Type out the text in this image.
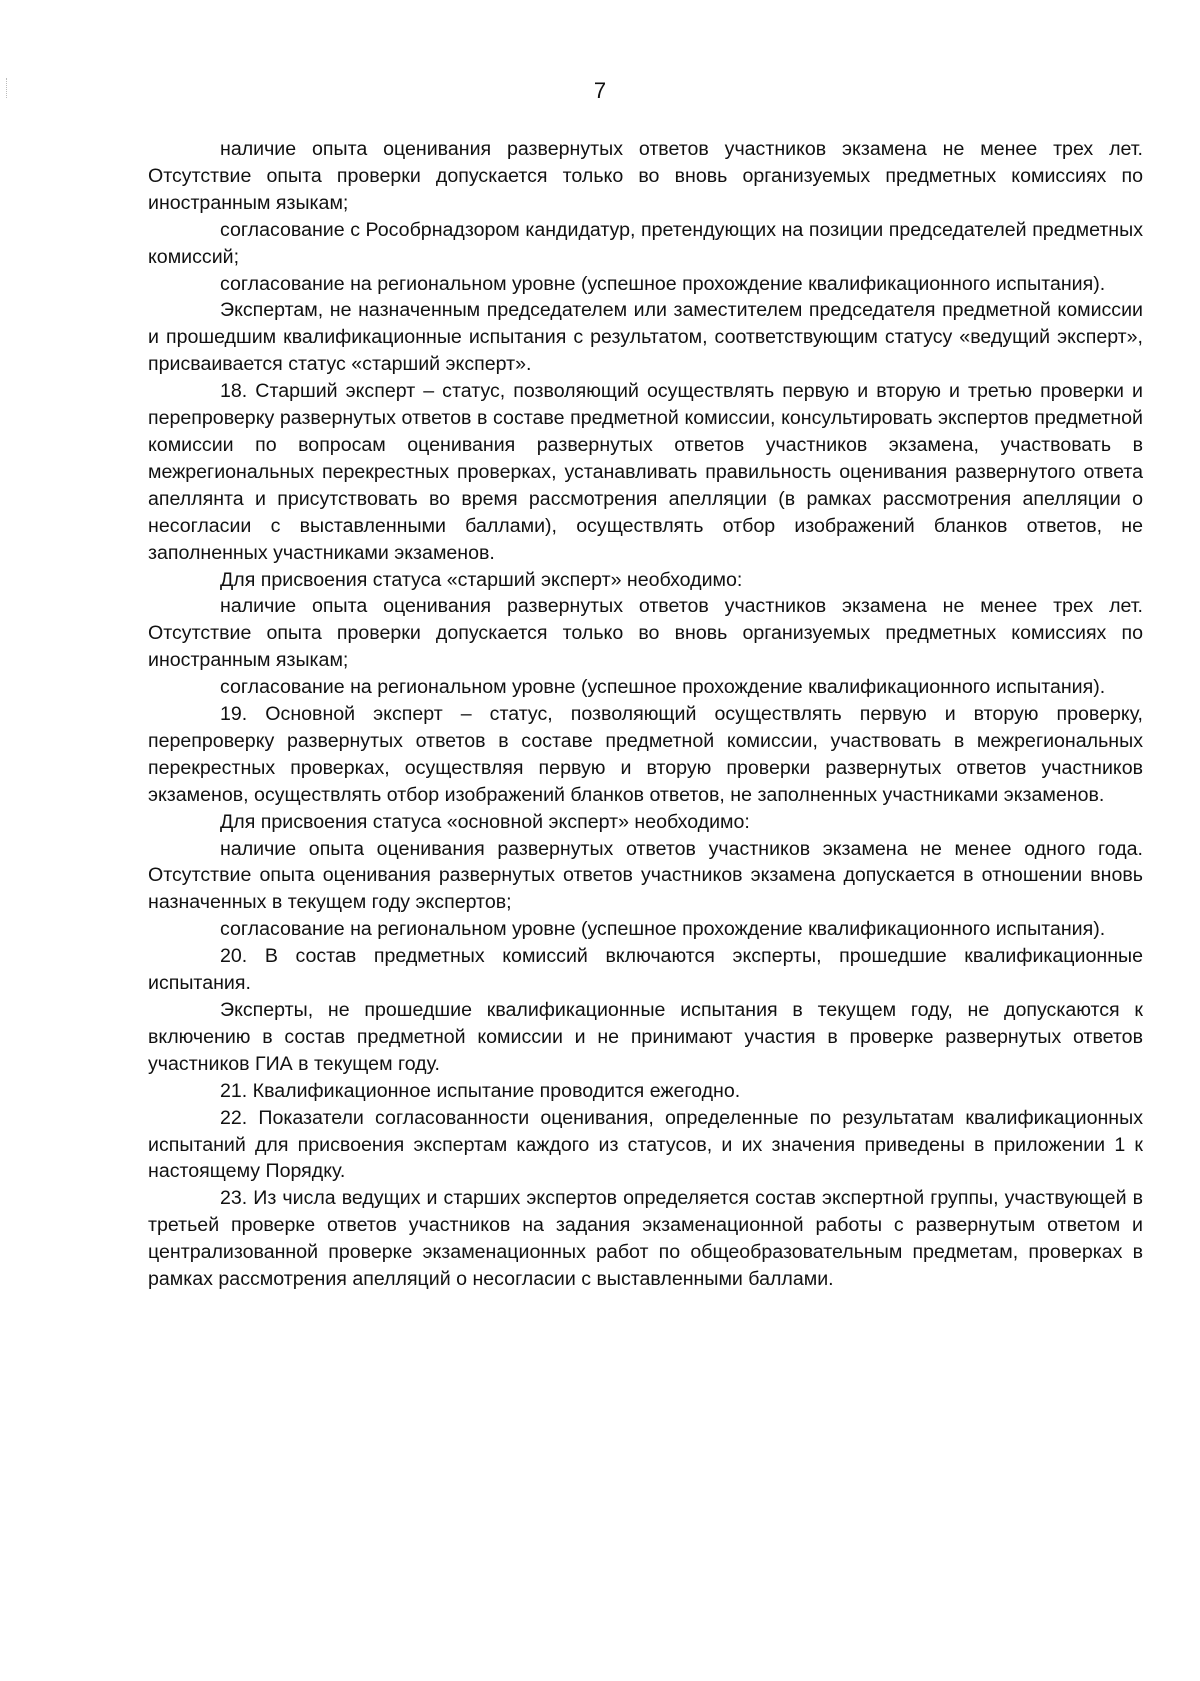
7

наличие опыта оценивания развернутых ответов участников экзамена не менее трех лет. Отсутствие опыта проверки допускается только во вновь организуемых предметных комиссиях по иностранным языкам;

согласование с Рособрнадзором кандидатур, претендующих на позиции председателей предметных комиссий;

согласование на региональном уровне (успешное прохождение квалификационного испытания).

Экспертам, не назначенным председателем или заместителем председателя предметной комиссии и прошедшим квалификационные испытания с результатом, соответствующим статусу «ведущий эксперт», присваивается статус «старший эксперт».

18. Старший эксперт – статус, позволяющий осуществлять первую и вторую и третью проверки и перепроверку развернутых ответов в составе предметной комиссии, консультировать экспертов предметной комиссии по вопросам оценивания развернутых ответов участников экзамена, участвовать в межрегиональных перекрестных проверках, устанавливать правильность оценивания развернутого ответа апеллянта и присутствовать во время рассмотрения апелляции (в рамках рассмотрения апелляции о несогласии с выставленными баллами), осуществлять отбор изображений бланков ответов, не заполненных участниками экзаменов.

Для присвоения статуса «старший эксперт» необходимо:

наличие опыта оценивания развернутых ответов участников экзамена не менее трех лет. Отсутствие опыта проверки допускается только во вновь организуемых предметных комиссиях по иностранным языкам;

согласование на региональном уровне (успешное прохождение квалификационного испытания).

19. Основной эксперт – статус, позволяющий осуществлять первую и вторую проверку, перепроверку развернутых ответов в составе предметной комиссии, участвовать в межрегиональных перекрестных проверках, осуществляя первую и вторую проверки развернутых ответов участников экзаменов, осуществлять отбор изображений бланков ответов, не заполненных участниками экзаменов.

Для присвоения статуса «основной эксперт» необходимо:

наличие опыта оценивания развернутых ответов участников экзамена не менее одного года. Отсутствие опыта оценивания развернутых ответов участников экзамена допускается в отношении вновь назначенных в текущем году экспертов;

согласование на региональном уровне (успешное прохождение квалификационного испытания).

20. В состав предметных комиссий включаются эксперты, прошедшие квалификационные испытания.

Эксперты, не прошедшие квалификационные испытания в текущем году, не допускаются к включению в состав предметной комиссии и не принимают участия в проверке развернутых ответов участников ГИА в текущем году.

21. Квалификационное испытание проводится ежегодно.

22. Показатели согласованности оценивания, определенные по результатам квалификационных испытаний для присвоения экспертам каждого из статусов, и их значения приведены в приложении 1 к настоящему Порядку.

23. Из числа ведущих и старших экспертов определяется состав экспертной группы, участвующей в третьей проверке ответов участников на задания экзаменационной работы с развернутым ответом и централизованной проверке экзаменационных работ по общеобразовательным предметам, проверках в рамках рассмотрения апелляций о несогласии с выставленными баллами.
